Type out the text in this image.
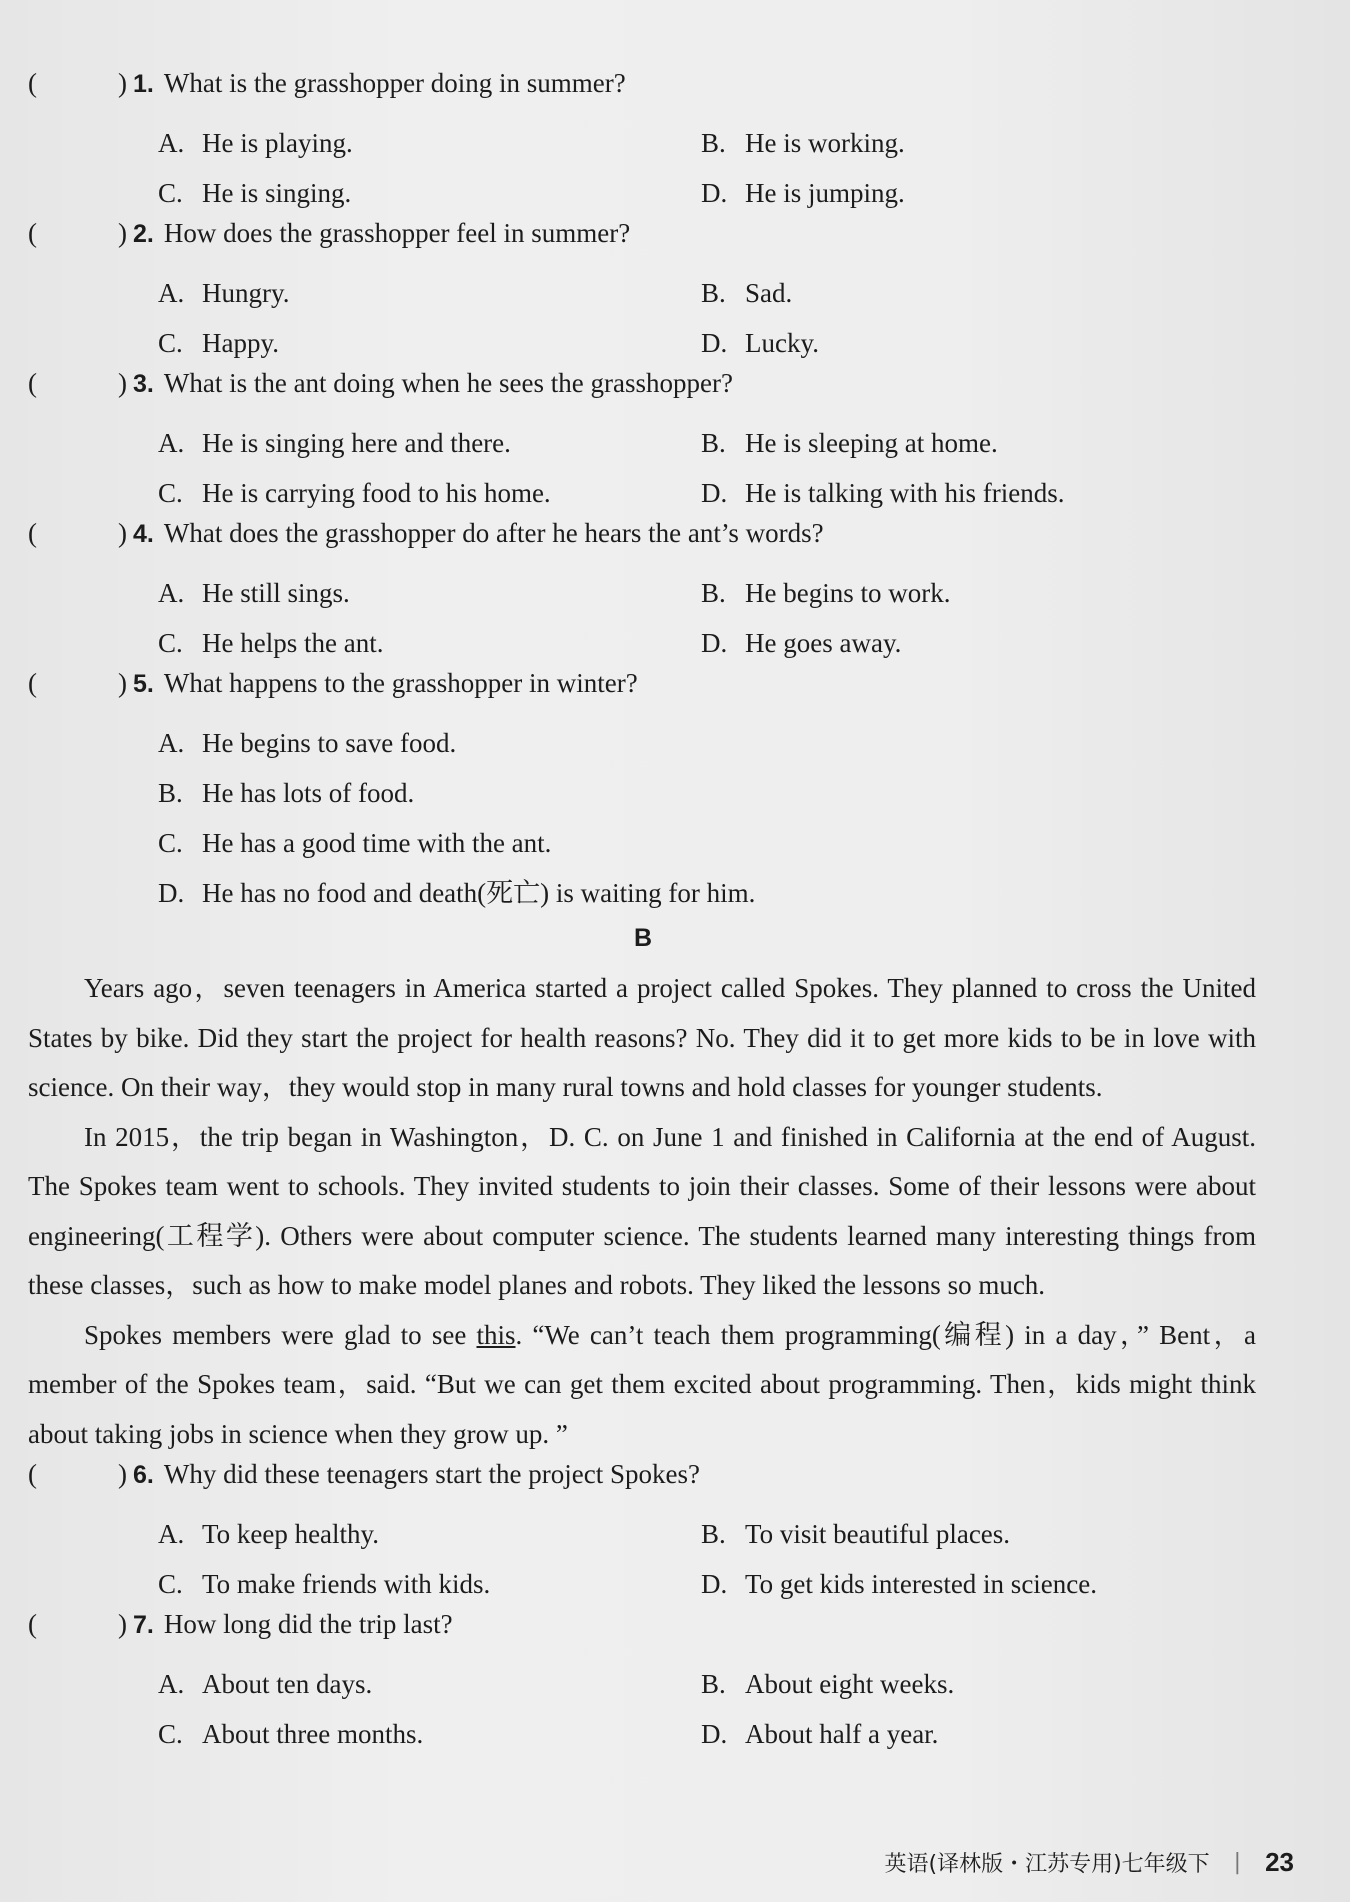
(	) 1. What is the grasshopper doing in summer?
A. He is playing.	B. He is working.
C. He is singing.	D. He is jumping.
(	) 2. How does the grasshopper feel in summer?
A. Hungry.	B. Sad.
C. Happy.	D. Lucky.
(	) 3. What is the ant doing when he sees the grasshopper?
A. He is singing here and there.	B. He is sleeping at home.
C. He is carrying food to his home.	D. He is talking with his friends.
(	) 4. What does the grasshopper do after he hears the ant’s words?
A. He still sings.	B. He begins to work.
C. He helps the ant.	D. He goes away.
(	) 5. What happens to the grasshopper in winter?
A. He begins to save food.
B. He has lots of food.
C. He has a good time with the ant.
D. He has no food and death(死亡) is waiting for him.
B

Years ago，seven teenagers in America started a project called Spokes. They planned to cross the United States by bike. Did they start the project for health reasons? No. They did it to get more kids to be in love with science. On their way，they would stop in many rural towns and hold classes for younger students.

In 2015，the trip began in Washington，D. C. on June 1 and finished in California at the end of August. The Spokes team went to schools. They invited students to join their classes. Some of their lessons were about engineering(工程学). Others were about computer science. The students learned many interesting things from these classes，such as how to make model planes and robots. They liked the lessons so much.

Spokes members were glad to see this. “We can’t teach them programming(编程) in a day，” Bent，a member of the Spokes team，said. “But we can get them excited about programming. Then，kids might think about taking jobs in science when they grow up. ”

(	) 6. Why did these teenagers start the project Spokes?
A. To keep healthy.	B. To visit beautiful places.
C. To make friends with kids.	D. To get kids interested in science.
(	) 7. How long did the trip last?
A. About ten days.	B. About eight weeks.
C. About three months.	D. About half a year.
英语(译林版・江苏专用)七年级下 | 23
